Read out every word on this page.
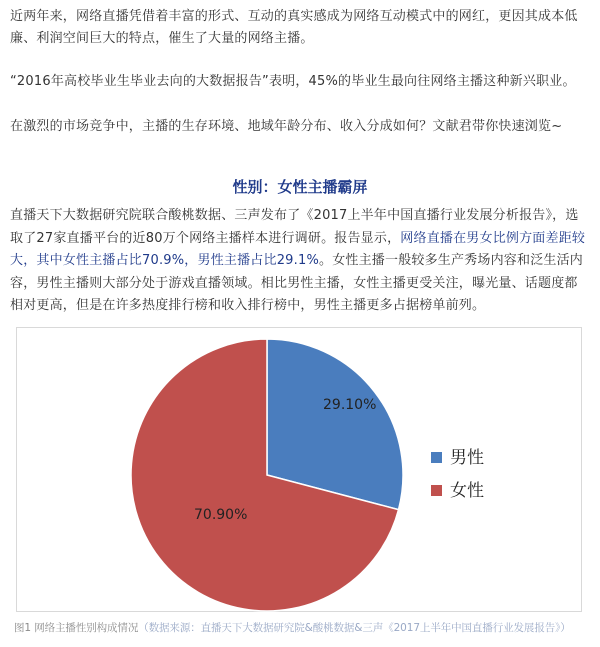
近两年来，网络直播凭借着丰富的形式、互动的真实感成为网络互动模式中的网红，更因其成本低廉、利润空间巨大的特点，催生了大量的网络主播。

“2016年高校毕业生毕业去向的大数据报告”表明，45%的毕业生最向往网络主播这种新兴职业。

在激烈的市场竞争中，主播的生存环境、地域年龄分布、收入分成如何？文献君带你快速浏览~

性别：女性主播霸屏

直播天下大数据研究院联合酸桃数据、三声发布了《2017上半年中国直播行业发展分析报告》，选取了27家直播平台的近80万个网络主播样本进行调研。报告显示，网络直播在男女比例方面差距较大，其中女性主播占比70.9%，男性主播占比29.1%。女性主播一般较多生产秀场内容和泛生活内容，男性主播则大部分处于游戏直播领域。相比男性主播，女性主播更受关注，曝光量、话题度都相对更高，但是在许多热度排行榜和收入排行榜中，男性主播更多占据榜单前列。

29.10%
70.90%
男性
女性

图1 网络主播性别构成情况（数据来源：直播天下大数据研究院&酸桃数据&三声《2017上半年中国直播行业发展报告》）
